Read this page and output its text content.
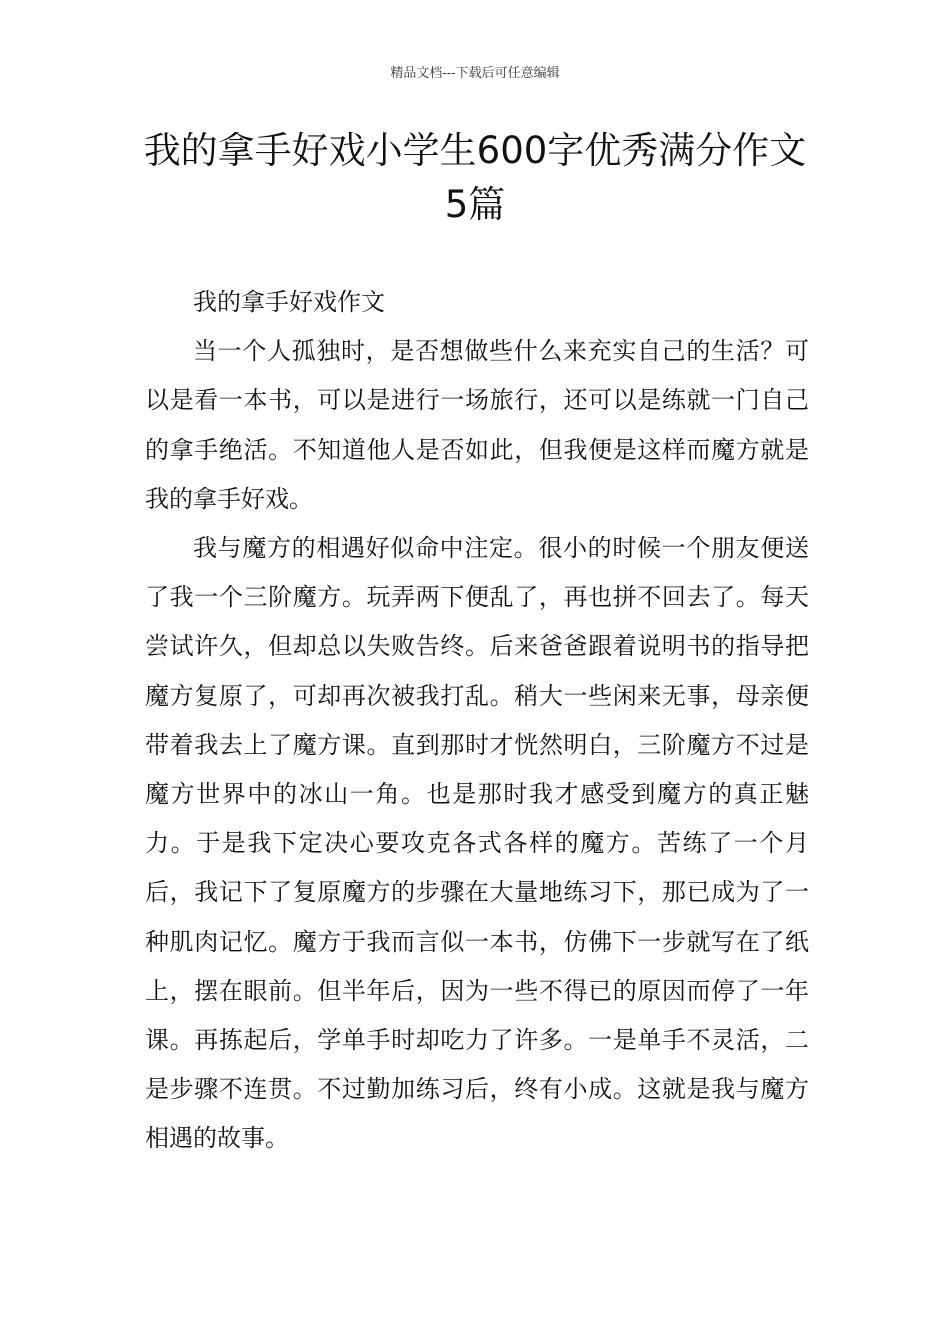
精品文档---下载后可任意编辑
我的拿手好戏小学生600字优秀满分作文5篇

我的拿手好戏作文

当一个人孤独时，是否想做些什么来充实自己的生活？可以是看一本书，可以是进行一场旅行，还可以是练就一门自己的拿手绝活。不知道他人是否如此，但我便是这样而魔方就是我的拿手好戏。

我与魔方的相遇好似命中注定。很小的时候一个朋友便送了我一个三阶魔方。玩弄两下便乱了，再也拼不回去了。每天尝试许久，但却总以失败告终。后来爸爸跟着说明书的指导把魔方复原了，可却再次被我打乱。稍大一些闲来无事，母亲便带着我去上了魔方课。直到那时才恍然明白，三阶魔方不过是魔方世界中的冰山一角。也是那时我才感受到魔方的真正魅力。于是我下定决心要攻克各式各样的魔方。苦练了一个月后，我记下了复原魔方的步骤在大量地练习下，那已成为了一种肌肉记忆。魔方于我而言似一本书，仿佛下一步就写在了纸上，摆在眼前。但半年后，因为一些不得已的原因而停了一年课。再拣起后，学单手时却吃力了许多。一是单手不灵活，二是步骤不连贯。不过勤加练习后，终有小成。这就是我与魔方相遇的故事。
